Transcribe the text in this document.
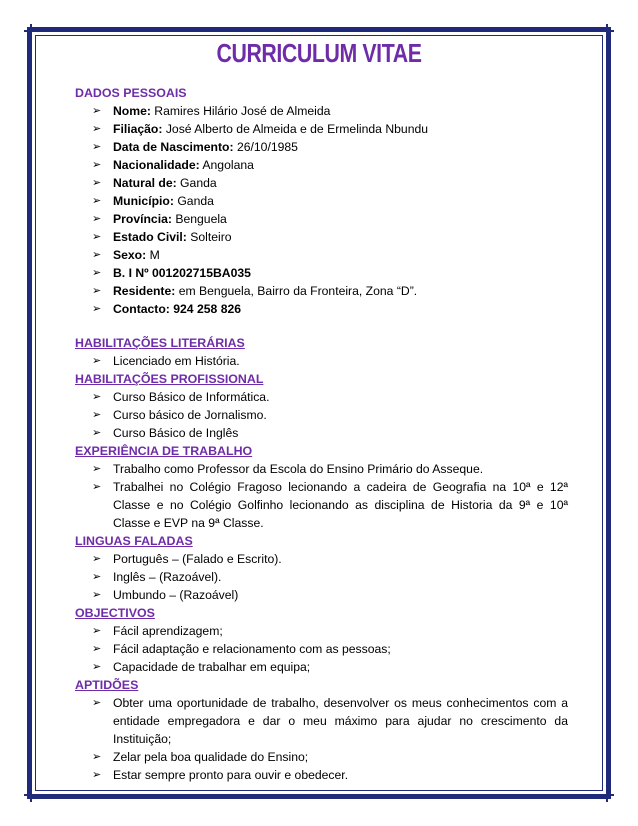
CURRICULUM VITAE
DADOS PESSOAIS
➢ Nome: Ramires Hilário José de Almeida
➢ Filiação: José Alberto de Almeida e de Ermelinda Nbundu
➢ Data de Nascimento: 26/10/1985
➢ Nacionalidade: Angolana
➢ Natural de: Ganda
➢ Município: Ganda
➢ Província: Benguela
➢ Estado Civil: Solteiro
➢ Sexo: M
➢ B. I Nº 001202715BA035
➢ Residente: em Benguela, Bairro da Fronteira, Zona “D”.
➢ Contacto: 924 258 826
HABILITAÇÕES LITERÁRIAS
➢ Licenciado em História.
HABILITAÇÕES PROFISSIONAL
➢ Curso Básico de Informática.
➢ Curso básico de Jornalismo.
➢ Curso Básico de Inglês
EXPERIÊNCIA DE TRABALHO
➢ Trabalho como Professor da Escola do Ensino Primário do Asseque.
➢ Trabalhei no Colégio Fragoso lecionando a cadeira de Geografia na 10ª e 12ª Classe e no Colégio Golfinho lecionando as disciplina de Historia da 9ª e 10ª Classe e EVP na 9ª Classe.
LINGUAS FALADAS
➢ Português – (Falado e Escrito).
➢ Inglês – (Razoável).
➢ Umbundo – (Razoável)
OBJECTIVOS
➢ Fácil aprendizagem;
➢ Fácil adaptação e relacionamento com as pessoas;
➢ Capacidade de trabalhar em equipa;
APTIDÕES
➢ Obter uma oportunidade de trabalho, desenvolver os meus conhecimentos com a entidade empregadora e dar o meu máximo para ajudar no crescimento da Instituição;
➢ Zelar pela boa qualidade do Ensino;
➢ Estar sempre pronto para ouvir e obedecer.
